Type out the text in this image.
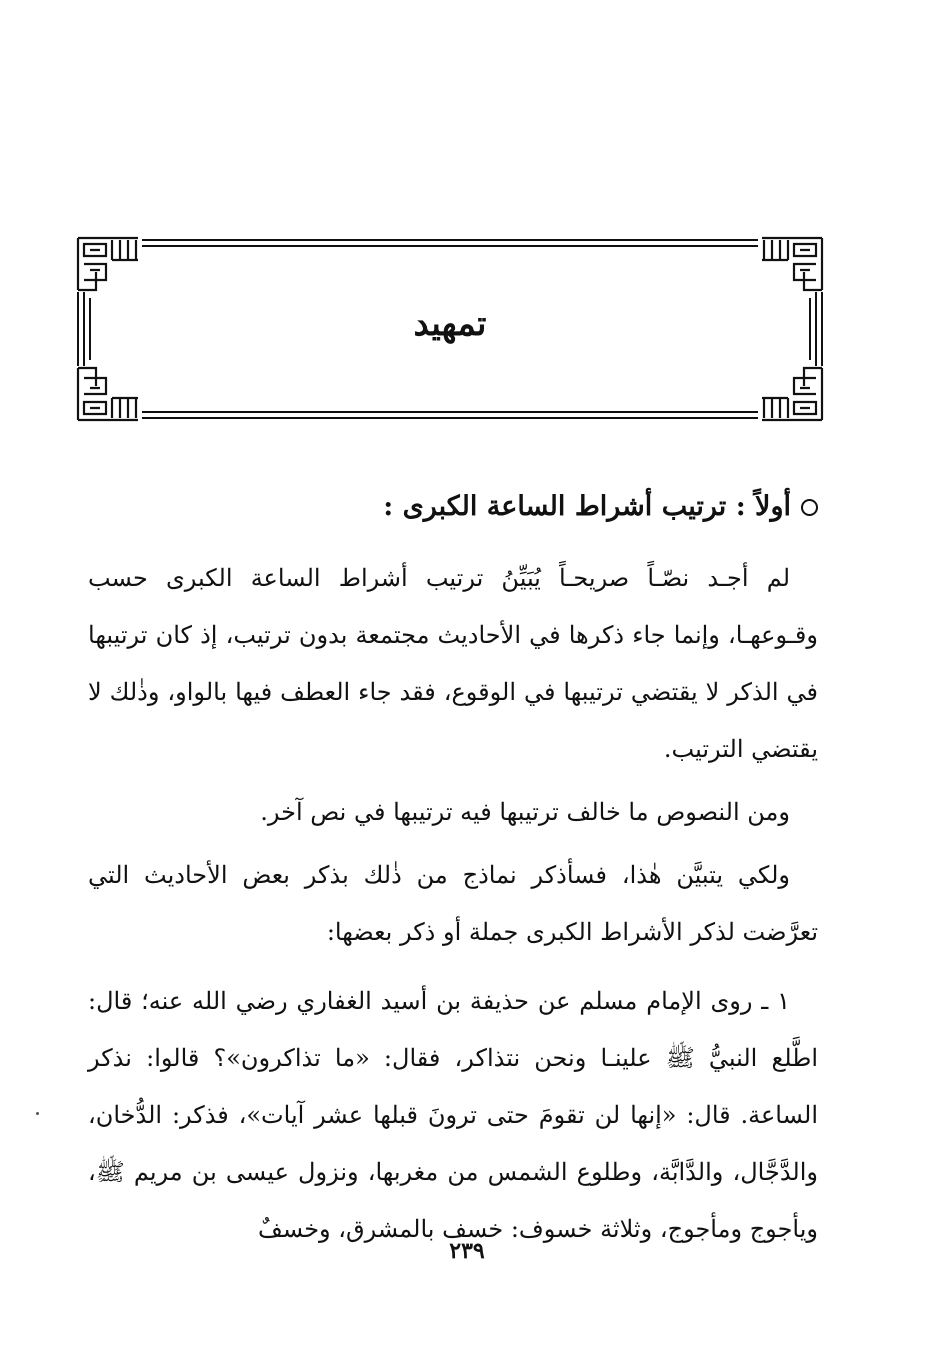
تمهيد
أولاً : ترتيب أشراط الساعة الكبرى :

لم أجـد نصّـاً صريحـاً يُبَيِّنُ ترتيب أشراط الساعة الكبرى حسب وقـوعهـا، وإنما جاء ذكرها في الأحاديث مجتمعة بدون ترتيب، إذ كان ترتيبها في الذكر لا يقتضي ترتيبها في الوقوع، فقد جاء العطف فيها بالواو، وذٰلك لا يقتضي الترتيب.

ومن النصوص ما خالف ترتيبها فيه ترتيبها في نص آخر.

ولكي يتبيَّن هٰذا، فسأذكر نماذج من ذٰلك بذكر بعض الأحاديث التي تعرَّضت لذكر الأشراط الكبرى جملة أو ذكر بعضها:

١ ـ روى الإمام مسلم عن حذيفة بن أسيد الغفاري رضي الله عنه؛ قال: اطَّلع النبيُّ ﷺ علينـا ونحن نتذاكر، فقال: «ما تذاكرون»؟ قالوا: نذكر الساعة. قال: «إنها لن تقومَ حتى ترونَ قبلها عشر آيات»، فذكر: الدُّخان، والدَّجَّال، والدَّابَّة، وطلوع الشمس من مغربها، ونزول عيسى بن مريم ﷺ، ويأجوج ومأجوج، وثلاثة خسوف: خسف بالمشرق، وخسفٌ

٢٣٩
